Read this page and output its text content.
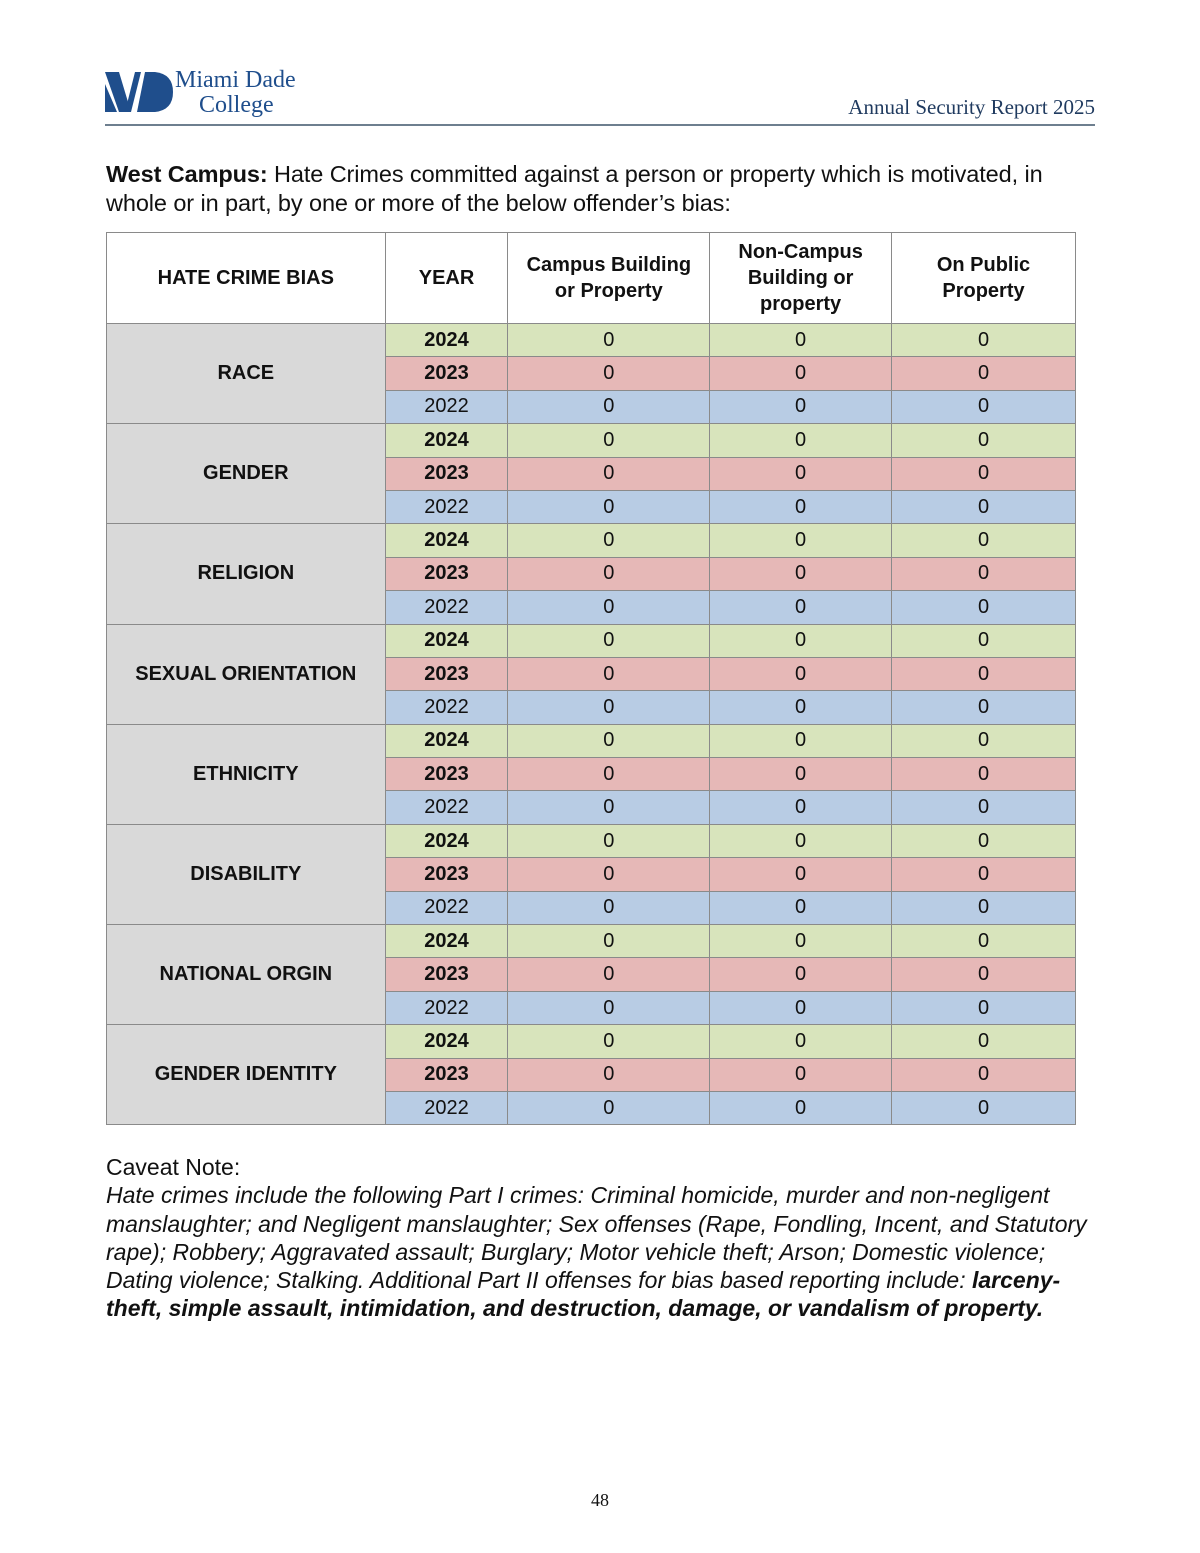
Miami Dade
College	Annual Security Report 2025
West Campus: Hate Crimes committed against a person or property which is motivated, in whole or in part, by one or more of the below offender’s bias:
HATE CRIME BIAS	YEAR	Campus Building or Property	Non-Campus Building or property	On Public Property
RACE	2024	0	0	0
	2023	0	0	0
	2022	0	0	0
GENDER	2024	0	0	0
	2023	0	0	0
	2022	0	0	0
RELIGION	2024	0	0	0
	2023	0	0	0
	2022	0	0	0
SEXUAL ORIENTATION	2024	0	0	0
	2023	0	0	0
	2022	0	0	0
ETHNICITY	2024	0	0	0
	2023	0	0	0
	2022	0	0	0
DISABILITY	2024	0	0	0
	2023	0	0	0
	2022	0	0	0
NATIONAL ORGIN	2024	0	0	0
	2023	0	0	0
	2022	0	0	0
GENDER IDENTITY	2024	0	0	0
	2023	0	0	0
	2022	0	0	0
Caveat Note:
Hate crimes include the following Part I crimes: Criminal homicide, murder and non-negligent manslaughter; and Negligent manslaughter; Sex offenses (Rape, Fondling, Incent, and Statutory rape); Robbery; Aggravated assault; Burglary; Motor vehicle theft; Arson; Domestic violence; Dating violence; Stalking. Additional Part II offenses for bias based reporting include: larceny-theft, simple assault, intimidation, and destruction, damage, or vandalism of property.
48
